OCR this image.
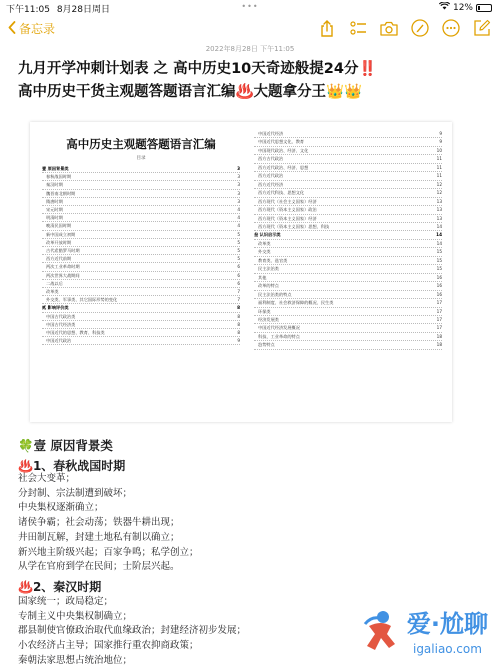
下午11:05 8月28日周日	•••	12%
备忘录
2022年8月28日 下午11:05
九月开学冲刺计划表 之 高中历史10天奇迹般提24分‼️
高中历史干货主观题答题语言汇编♨️大题拿分王👑👑
高中历史主观题答题语言汇编
目录
壹 原因背景类	3
春秋战国时期	3
秦汉时期	3
魏晋南北朝时期	3
隋唐时期	3
宋元时期	4
明清时期	4
晚清民国时期	4
新中国成立初期	5
改革开放时期	5
古代希腊罗马时期	5
西方近代前期	5
两次工业革命时期	6
两次世界大战期间	6
二战以后	6
改革类	7
外交类、军事类、其它国际形势的变化	7
贰 影响评价类	8
中国古代政治类	8
中国古代经济类	8
中国近代的思想、教育、科技类	8
中国近代政治	9
中国近代经济	9
中国近代思想文化、教育	9
中国现代政治、经济、文化	10
西方古代政治	11
西方近代政治、经济、思想	11
西方近代政治	11
西方近代经济	12
西方近代科技、思想文化	12
西方现代（社会主义国家）经济	13
西方现代（资本主义国家）政治	13
西方现代（资本主义国家）经济	13
西方现代（资本主义国家）思想、科技	14
叁 认识启示类	14
改革类	14
外交类	15
教育类、选官类	15
民主法治类	15
其他	16
改革的特点	16
民主法治类的特点	16
福利制度、社会救济保障的概况、民生类	17
环保类	17
经济发展类	17
中国近代经济发展概况	17
科技、工业革命的特点	18
趋势特点	18
🍀壹 原因背景类
♨️1、春秋战国时期
社会大变革；
分封制、宗法制遭到破坏；
中央集权逐渐确立；
诸侯争霸；社会动荡；铁器牛耕出现；
井田制瓦解，封建土地私有制以确立；
新兴地主阶级兴起；百家争鸣；私学创立；
从学在官府到学在民间；士阶层兴起。
♨️2、秦汉时期
国家统一；政局稳定；
专制主义中央集权制确立；
郡县制使官僚政治取代血缘政治；封建经济初步发展；
小农经济占主导；国家推行重农抑商政策；
秦朝法家思想占统治地位；
爱·尬聊
igaliao.com
